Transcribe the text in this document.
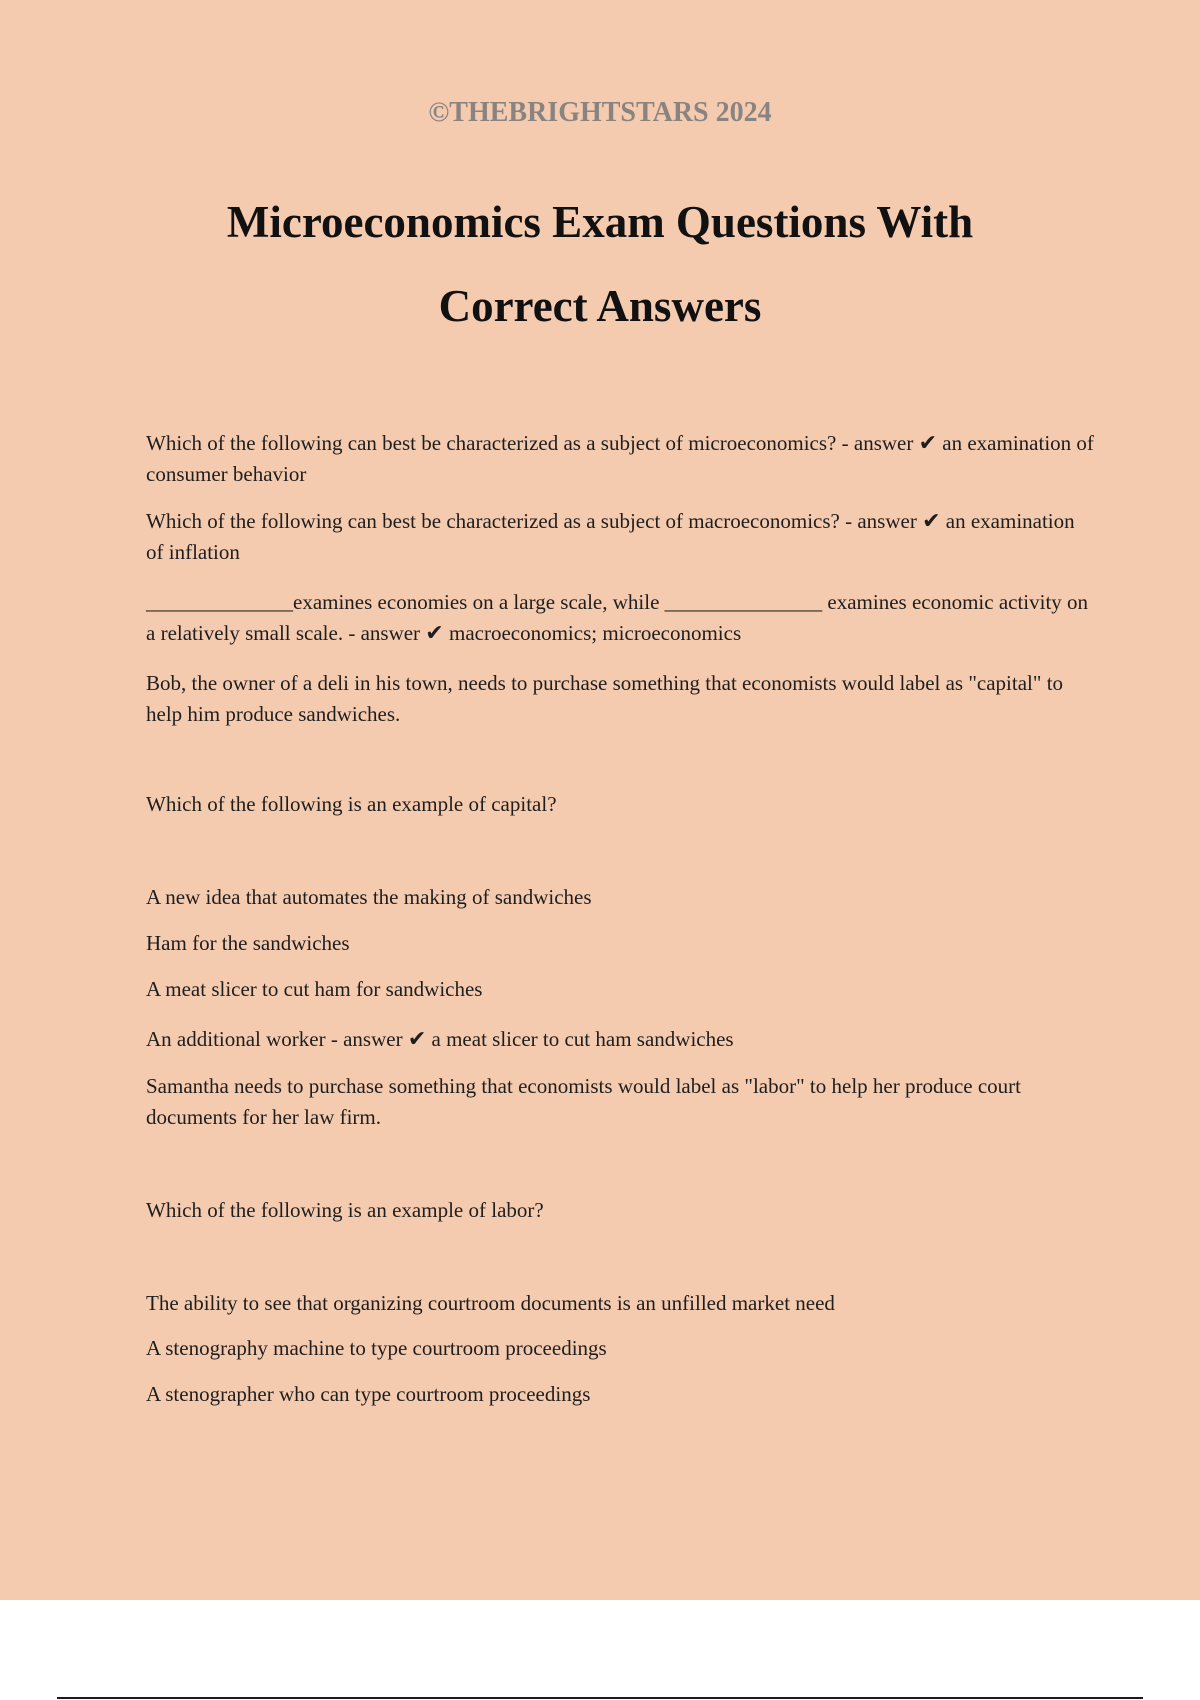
©THEBRIGHTSTARS 2024

Microeconomics Exam Questions With
Correct Answers

Which of the following can best be characterized as a subject of microeconomics? - answer ✔ an examination of consumer behavior

Which of the following can best be characterized as a subject of macroeconomics? - answer ✔ an examination of inflation

______________examines economies on a large scale, while _______________ examines economic activity on a relatively small scale. - answer ✔ macroeconomics; microeconomics

Bob, the owner of a deli in his town, needs to purchase something that economists would label as "capital" to help him produce sandwiches.

Which of the following is an example of capital?

A new idea that automates the making of sandwiches

Ham for the sandwiches

A meat slicer to cut ham for sandwiches

An additional worker - answer ✔ a meat slicer to cut ham sandwiches

Samantha needs to purchase something that economists would label as "labor" to help her produce court documents for her law firm.

Which of the following is an example of labor?

The ability to see that organizing courtroom documents is an unfilled market need

A stenography machine to type courtroom proceedings

A stenographer who can type courtroom proceedings
